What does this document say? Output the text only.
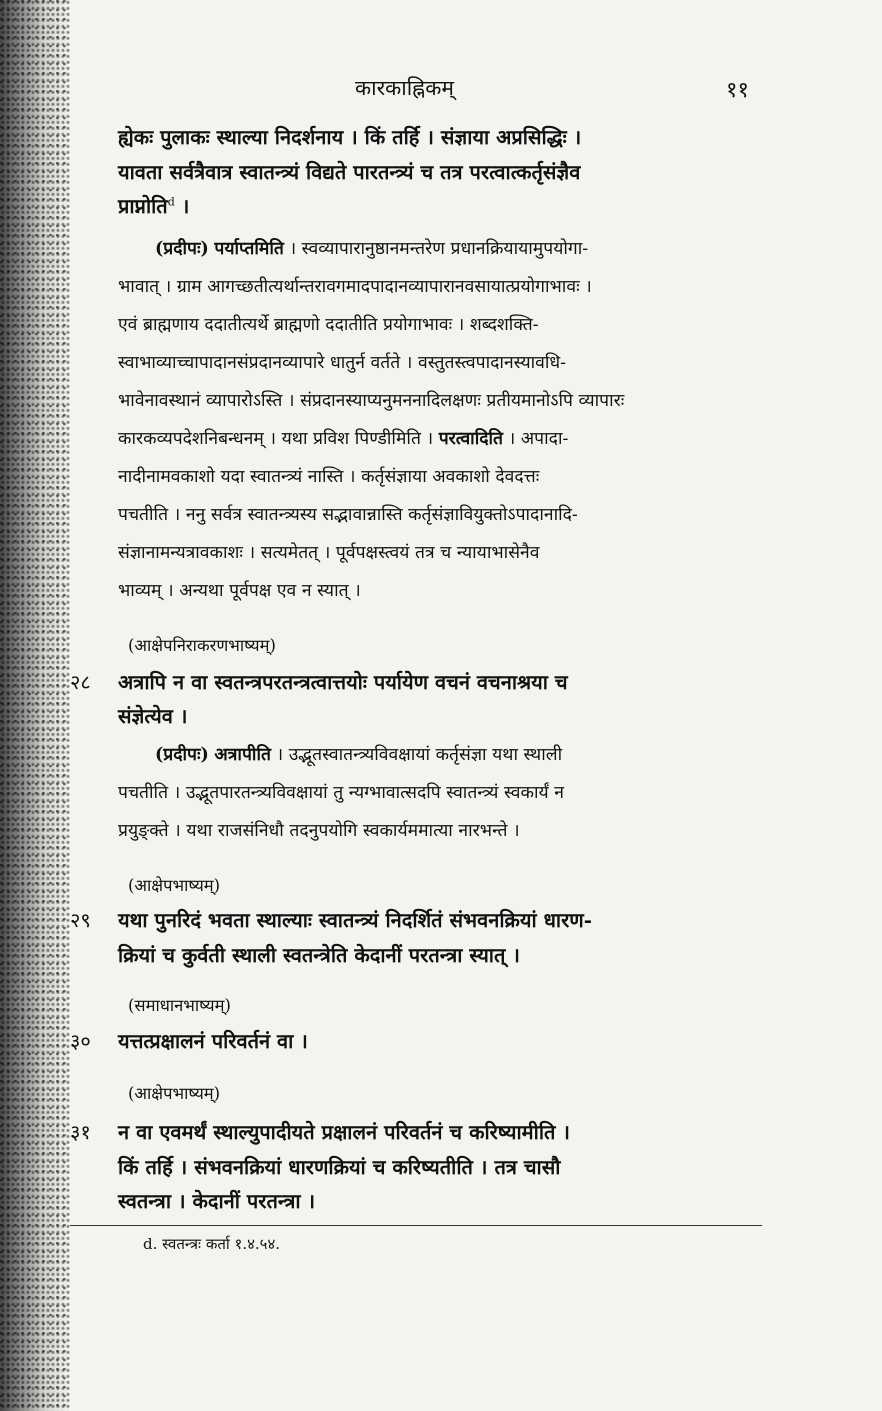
कारकाह्निकम्	११
ह्येकः पुलाकः स्थाल्या निदर्शनाय । किं तर्हि । संज्ञाया अप्रसिद्धिः ।
यावता सर्वत्रैवात्र स्वातन्त्र्यं विद्यते पारतन्त्र्यं च तत्र परत्वात्कर्तृसंज्ञैव
प्राप्नोति$^d$ ।
(प्रदीपः) पर्याप्तमिति । स्वव्यापारानुष्ठानमन्तरेण प्रधानक्रियायामुपयोगा-
भावात् । ग्राम आगच्छतीत्यर्थान्तरावगमादपादानव्यापारानवसायात्प्रयोगाभावः ।
एवं ब्राह्मणाय ददातीत्यर्थे ब्राह्मणो ददातीति प्रयोगाभावः । शब्दशक्ति-
स्वाभाव्याच्चापादानसंप्रदानव्यापारे धातुर्न वर्तते । वस्तुतस्त्वपादानस्यावधि-
भावेनावस्थानं व्यापारोऽस्ति । संप्रदानस्याप्यनुमननादिलक्षणः प्रतीयमानोऽपि व्यापारः
कारकव्यपदेशनिबन्धनम् । यथा प्रविश पिण्डीमिति । परत्वादिति । अपादा-
नादीनामवकाशो यदा स्वातन्त्र्यं नास्ति । कर्तृसंज्ञाया अवकाशो देवदत्तः
पचतीति । ननु सर्वत्र स्वातन्त्र्यस्य सद्भावान्नास्ति कर्तृसंज्ञावियुक्तोऽपादानादि-
संज्ञानामन्यत्रावकाशः । सत्यमेतत् । पूर्वपक्षस्त्वयं तत्र च न्यायाभासेनैव
भाव्यम् । अन्यथा पूर्वपक्ष एव न स्यात् ।
(आक्षेपनिराकरणभाष्यम्)
२८ अत्रापि न वा स्वतन्त्रपरतन्त्रत्वात्तयोः पर्यायेण वचनं वचनाश्रया च
संज्ञेत्येव ।
(प्रदीपः) अत्रापीति । उद्भूतस्वातन्त्र्यविवक्षायां कर्तृसंज्ञा यथा स्थाली
पचतीति । उद्भूतपारतन्त्र्यविवक्षायां तु न्यग्भावात्सदपि स्वातन्त्र्यं स्वकार्यं न
प्रयुङ्क्ते । यथा राजसंनिधौ तदनुपयोगि स्वकार्यममात्या नारभन्ते ।
(आक्षेपभाष्यम्)
२९ यथा पुनरिदं भवता स्थाल्याः स्वातन्त्र्यं निदर्शितं संभवनक्रियां धारण-
क्रियां च कुर्वती स्थाली स्वतन्त्रेति केदानीं परतन्त्रा स्यात् ।
(समाधानभाष्यम्)
३० यत्तत्प्रक्षालनं परिवर्तनं वा ।
(आक्षेपभाष्यम्)
३१ न वा एवमर्थं स्थाल्युपादीयते प्रक्षालनं परिवर्तनं च करिष्यामीति ।
किं तर्हि । संभवनक्रियां धारणक्रियां च करिष्यतीति । तत्र चासौ
स्वतन्त्रा । केदानीं परतन्त्रा ।
d. स्वतन्त्रः कर्ता १.४.५४.
